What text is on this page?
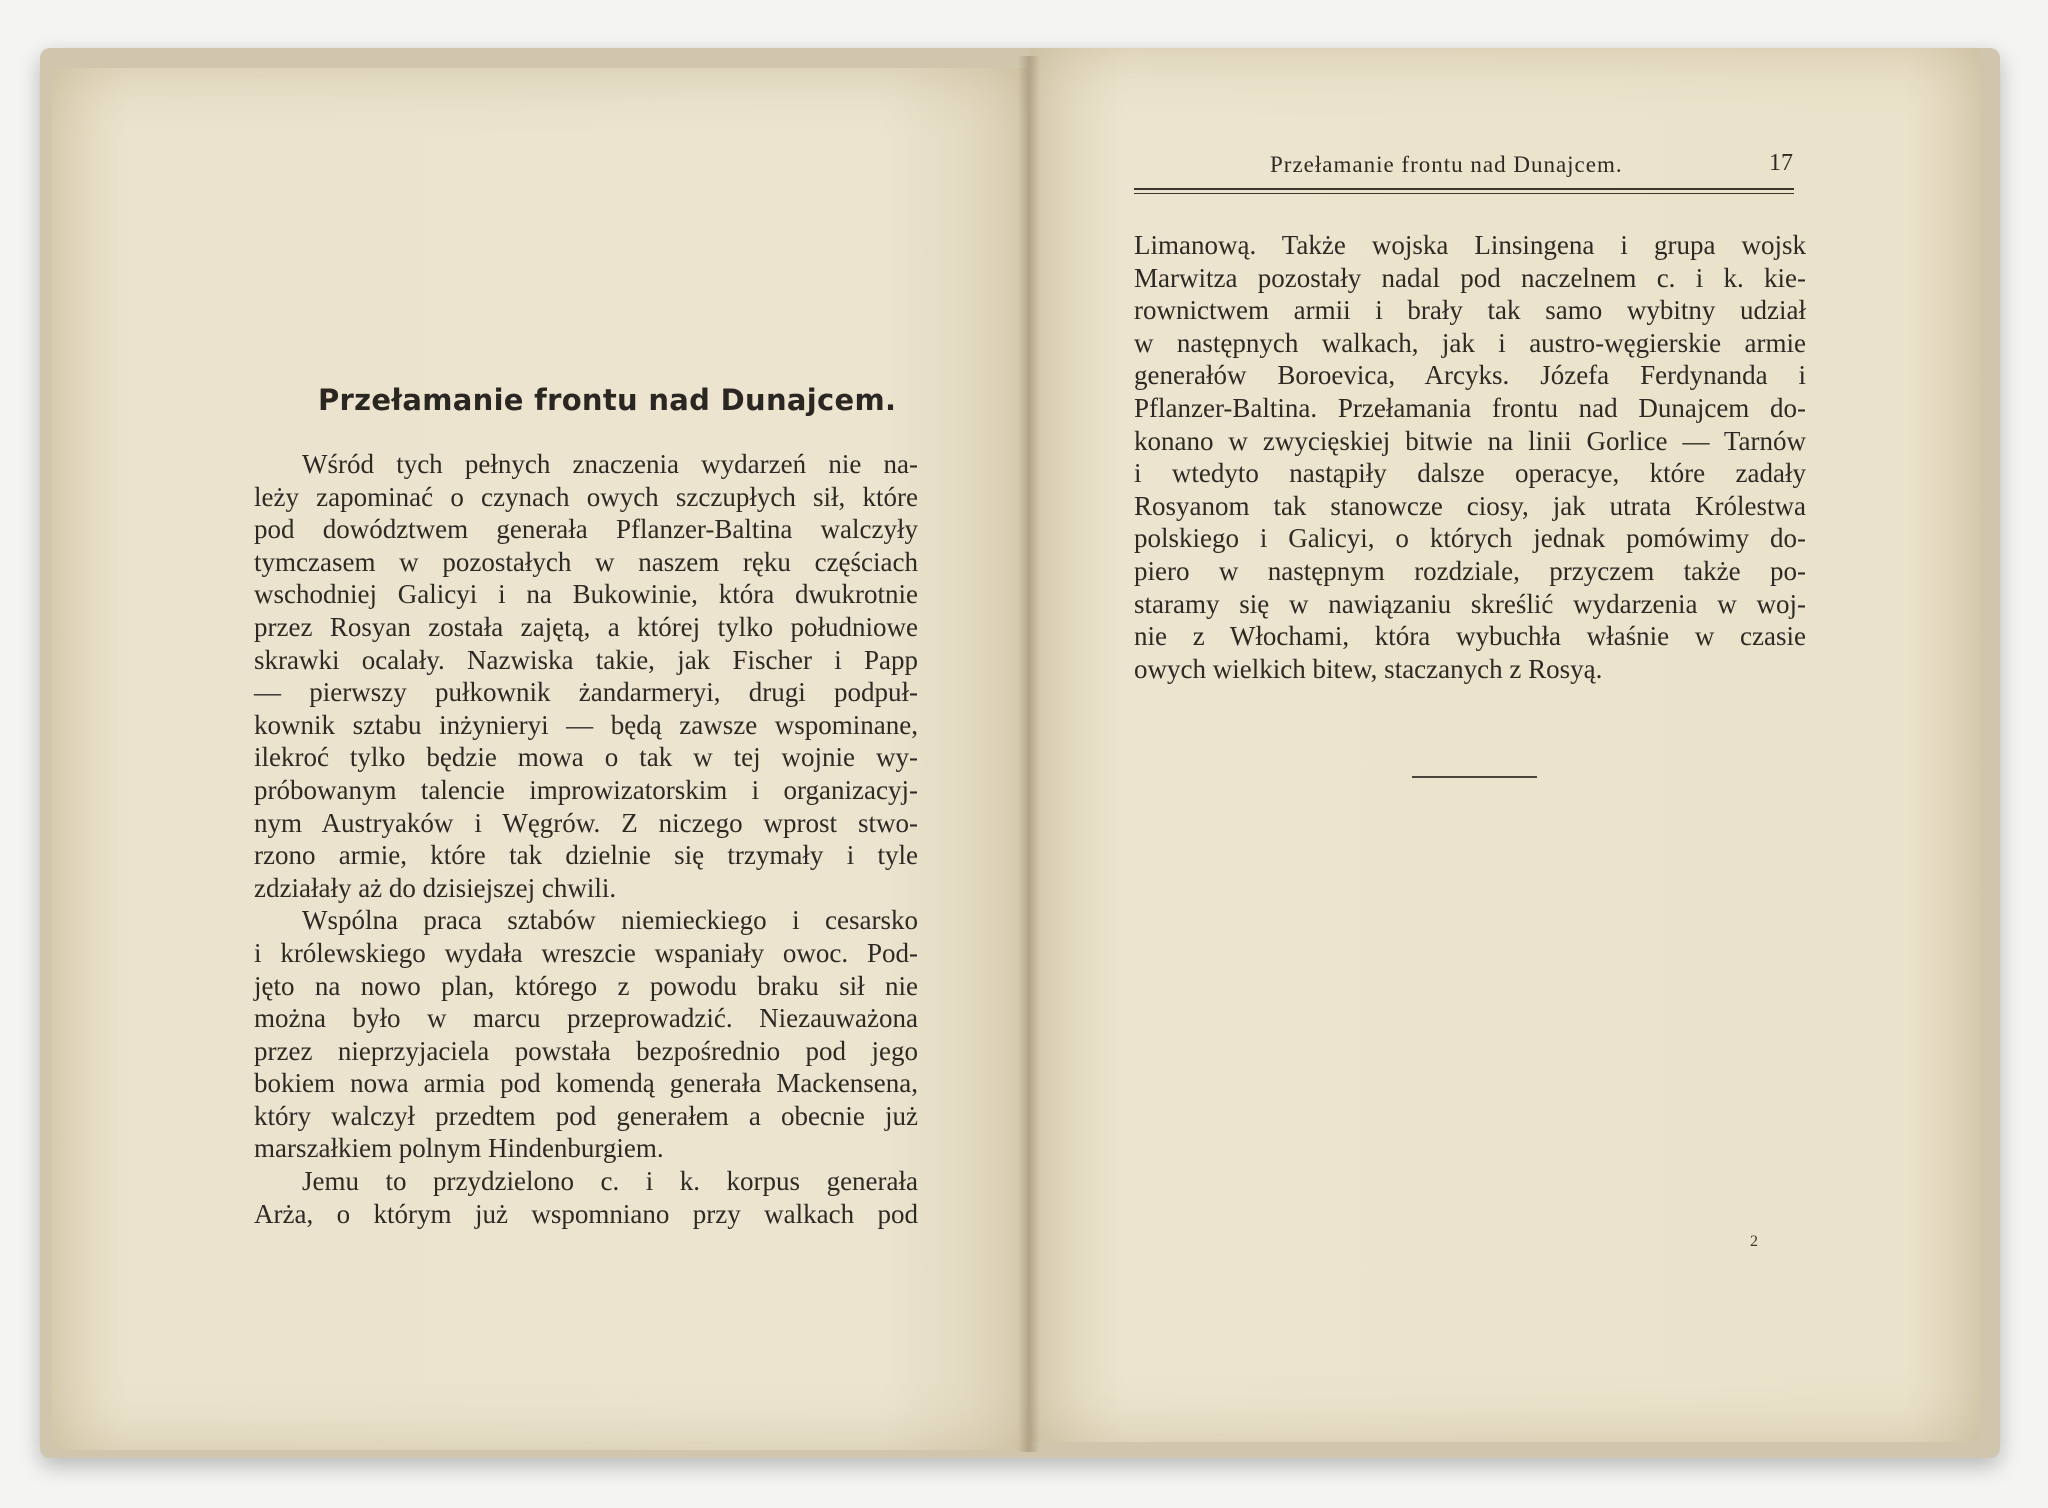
Przełamanie frontu nad Dunajcem.
Wśród tych pełnych znaczenia wydarzeń nie na-
leży zapominać o czynach owych szczupłych sił, które
pod dowództwem generała Pflanzer-Baltina walczyły
tymczasem w pozostałych w naszem ręku częściach
wschodniej Galicyi i na Bukowinie, która dwukrotnie
przez Rosyan została zajętą, a której tylko południowe
skrawki ocalały. Nazwiska takie, jak Fischer i Papp
— pierwszy pułkownik żandarmeryi, drugi podpuł-
kownik sztabu inżynieryi — będą zawsze wspominane,
ilekroć tylko będzie mowa o tak w tej wojnie wy-
próbowanym talencie improwizatorskim i organizacyj-
nym Austryaków i Węgrów. Z niczego wprost stwo-
rzono armie, które tak dzielnie się trzymały i tyle
zdziałały aż do dzisiejszej chwili.
Wspólna praca sztabów niemieckiego i cesarsko
i królewskiego wydała wreszcie wspaniały owoc. Pod-
jęto na nowo plan, którego z powodu braku sił nie
można było w marcu przeprowadzić. Niezauważona
przez nieprzyjaciela powstała bezpośrednio pod jego
bokiem nowa armia pod komendą generała Mackensena,
który walczył przedtem pod generałem a obecnie już
marszałkiem polnym Hindenburgiem.
Jemu to przydzielono c. i k. korpus generała
Arża, o którym już wspomniano przy walkach pod
Przełamanie frontu nad Dunajcem.	17
Limanową. Także wojska Linsingena i grupa wojsk
Marwitza pozostały nadal pod naczelnem c. i k. kie-
rownictwem armii i brały tak samo wybitny udział
w następnych walkach, jak i austro-węgierskie armie
generałów Boroevica, Arcyks. Józefa Ferdynanda i
Pflanzer-Baltina. Przełamania frontu nad Dunajcem do-
konano w zwycięskiej bitwie na linii Gorlice — Tarnów
i wtedyto nastąpiły dalsze operacye, które zadały
Rosyanom tak stanowcze ciosy, jak utrata Królestwa
polskiego i Galicyi, o których jednak pomówimy do-
piero w następnym rozdziale, przyczem także po-
staramy się w nawiązaniu skreślić wydarzenia w woj-
nie z Włochami, która wybuchła właśnie w czasie
owych wielkich bitew, staczanych z Rosyą.
2
